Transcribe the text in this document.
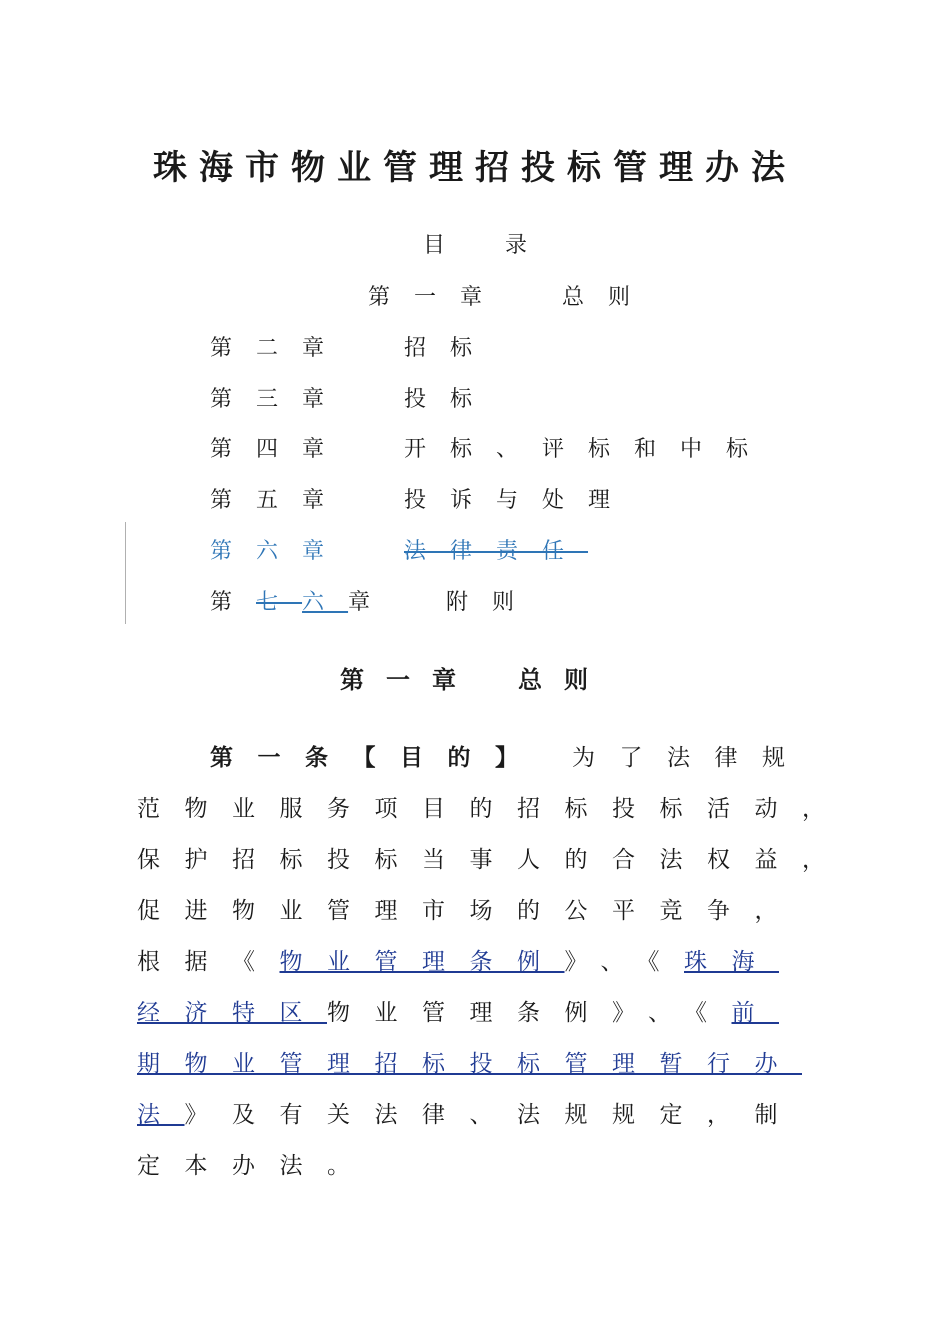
珠海市物业管理招投标管理办法
目录
第一章	总则
第二章	招标
第三章	投标
第四章	开标、评标和中标
第五章	投诉与处理
第六章	法律责任
第七六章 附则
第一章 总则
第一条【目的】 为了法律规
范物业服务项目的招标投标活动，
保护招标投标当事人的合法权益，
促进物业管理市场的公平竞争，
根据《物业管理条例》、《珠海
经济特区物业管理条例》、《前
期物业管理招标投标管理暂行办
法》及有关法律、法规规定，制
定本办法。
